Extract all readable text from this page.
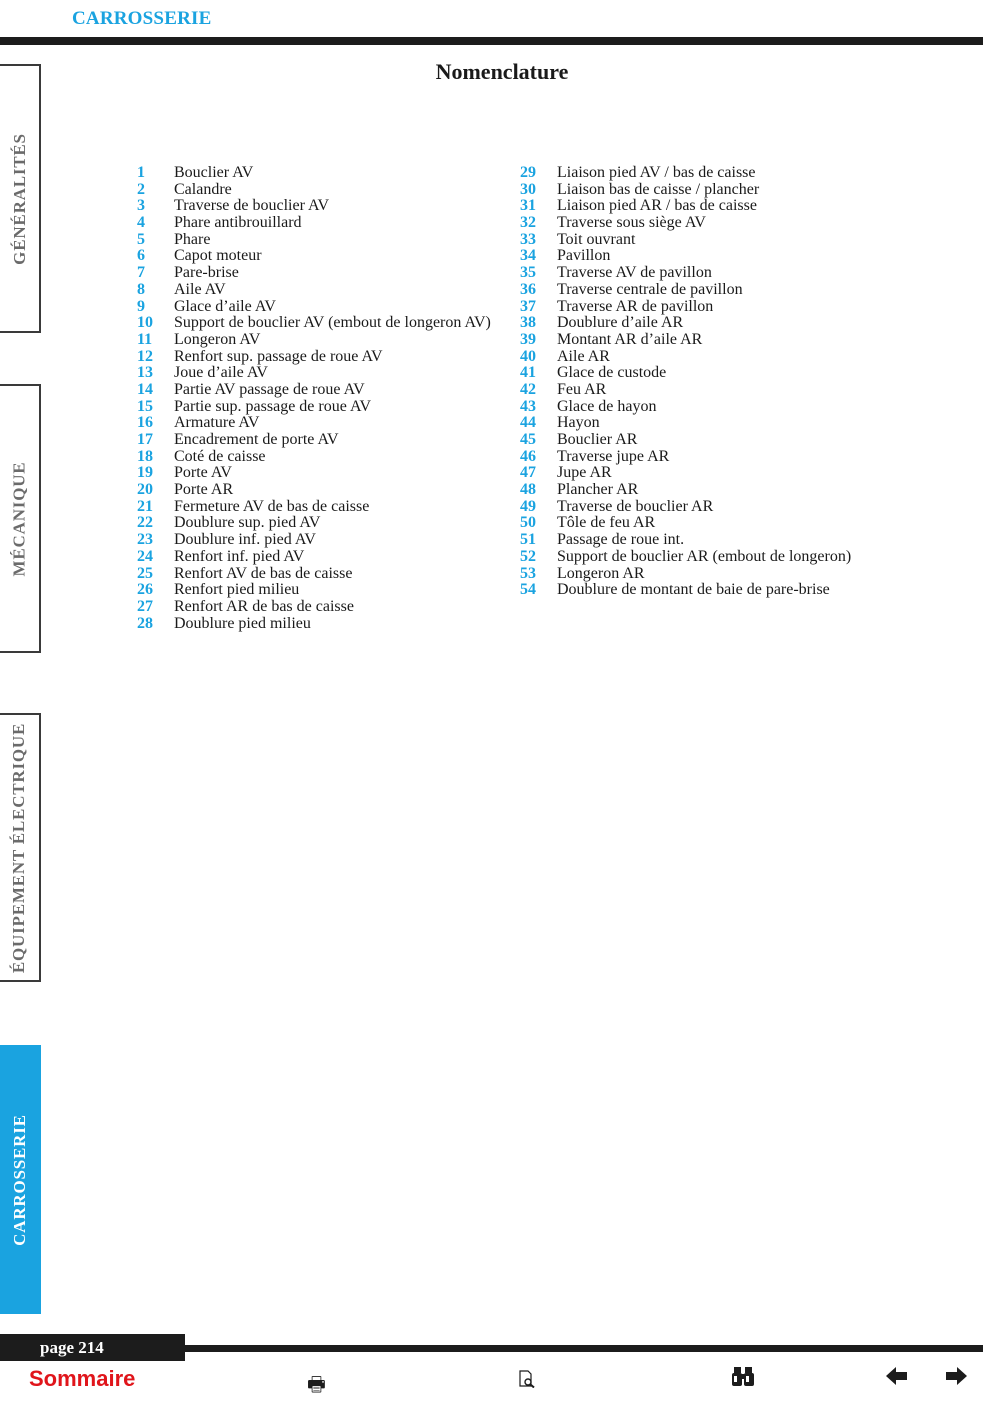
CARROSSERIE
Nomenclature
GÉNÉRALITÉS
MÉCANIQUE
ÉQUIPEMENT ÉLECTRIQUE
CARROSSERIE
1	Bouclier AV
2	Calandre
3	Traverse de bouclier AV
4	Phare antibrouillard
5	Phare
6	Capot moteur
7	Pare-brise
8	Aile AV
9	Glace d’aile AV
10	Support de bouclier AV (embout de longeron AV)
11	Longeron AV
12	Renfort sup. passage de roue AV
13	Joue d’aile AV
14	Partie AV passage de roue AV
15	Partie sup. passage de roue AV
16	Armature AV
17	Encadrement de porte AV
18	Coté de caisse
19	Porte AV
20	Porte AR
21	Fermeture AV de bas de caisse
22	Doublure sup. pied AV
23	Doublure inf. pied AV
24	Renfort inf. pied AV
25	Renfort AV de bas de caisse
26	Renfort pied milieu
27	Renfort AR de bas de caisse
28	Doublure pied milieu
29	Liaison pied AV / bas de caisse
30	Liaison bas de caisse / plancher
31	Liaison pied AR / bas de caisse
32	Traverse sous siège AV
33	Toit ouvrant
34	Pavillon
35	Traverse AV de pavillon
36	Traverse centrale de pavillon
37	Traverse AR de pavillon
38	Doublure d’aile AR
39	Montant AR d’aile AR
40	Aile AR
41	Glace de custode
42	Feu AR
43	Glace de hayon
44	Hayon
45	Bouclier AR
46	Traverse jupe AR
47	Jupe AR
48	Plancher AR
49	Traverse de bouclier AR
50	Tôle de feu AR
51	Passage de roue int.
52	Support de bouclier AR (embout de longeron)
53	Longeron AR
54	Doublure de montant de baie de pare-brise
page 214
Sommaire	🖶
